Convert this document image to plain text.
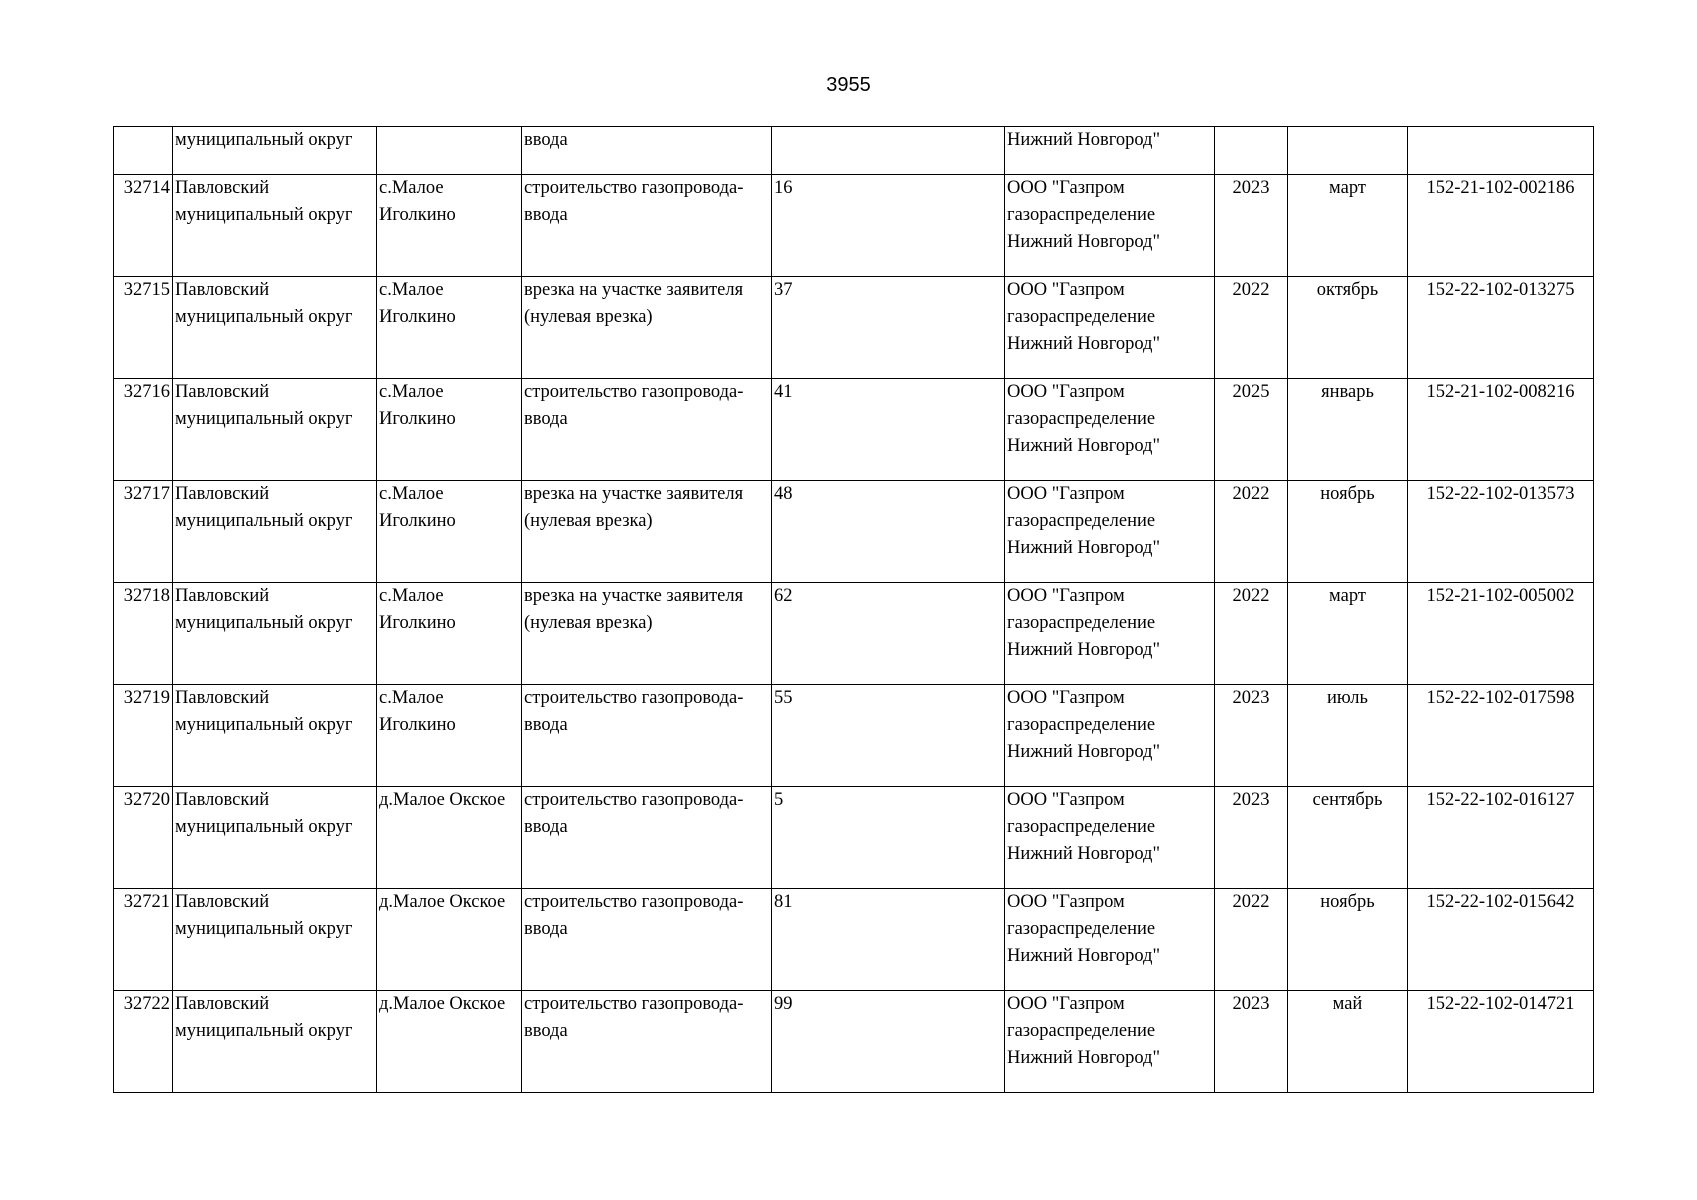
3955
	муниципальный округ		ввода		Нижний Новгород"			
32714	Павловский муниципальный округ	с.Малое Иголкино	строительство газопровода-ввода	16	ООО "Газпром газораспределение Нижний Новгород"	2023	март	152-21-102-002186
32715	Павловский муниципальный округ	с.Малое Иголкино	врезка на участке заявителя (нулевая врезка)	37	ООО "Газпром газораспределение Нижний Новгород"	2022	октябрь	152-22-102-013275
32716	Павловский муниципальный округ	с.Малое Иголкино	строительство газопровода-ввода	41	ООО "Газпром газораспределение Нижний Новгород"	2025	январь	152-21-102-008216
32717	Павловский муниципальный округ	с.Малое Иголкино	врезка на участке заявителя (нулевая врезка)	48	ООО "Газпром газораспределение Нижний Новгород"	2022	ноябрь	152-22-102-013573
32718	Павловский муниципальный округ	с.Малое Иголкино	врезка на участке заявителя (нулевая врезка)	62	ООО "Газпром газораспределение Нижний Новгород"	2022	март	152-21-102-005002
32719	Павловский муниципальный округ	с.Малое Иголкино	строительство газопровода-ввода	55	ООО "Газпром газораспределение Нижний Новгород"	2023	июль	152-22-102-017598
32720	Павловский муниципальный округ	д.Малое Окское	строительство газопровода-ввода	5	ООО "Газпром газораспределение Нижний Новгород"	2023	сентябрь	152-22-102-016127
32721	Павловский муниципальный округ	д.Малое Окское	строительство газопровода-ввода	81	ООО "Газпром газораспределение Нижний Новгород"	2022	ноябрь	152-22-102-015642
32722	Павловский муниципальный округ	д.Малое Окское	строительство газопровода-ввода	99	ООО "Газпром газораспределение Нижний Новгород"	2023	май	152-22-102-014721
